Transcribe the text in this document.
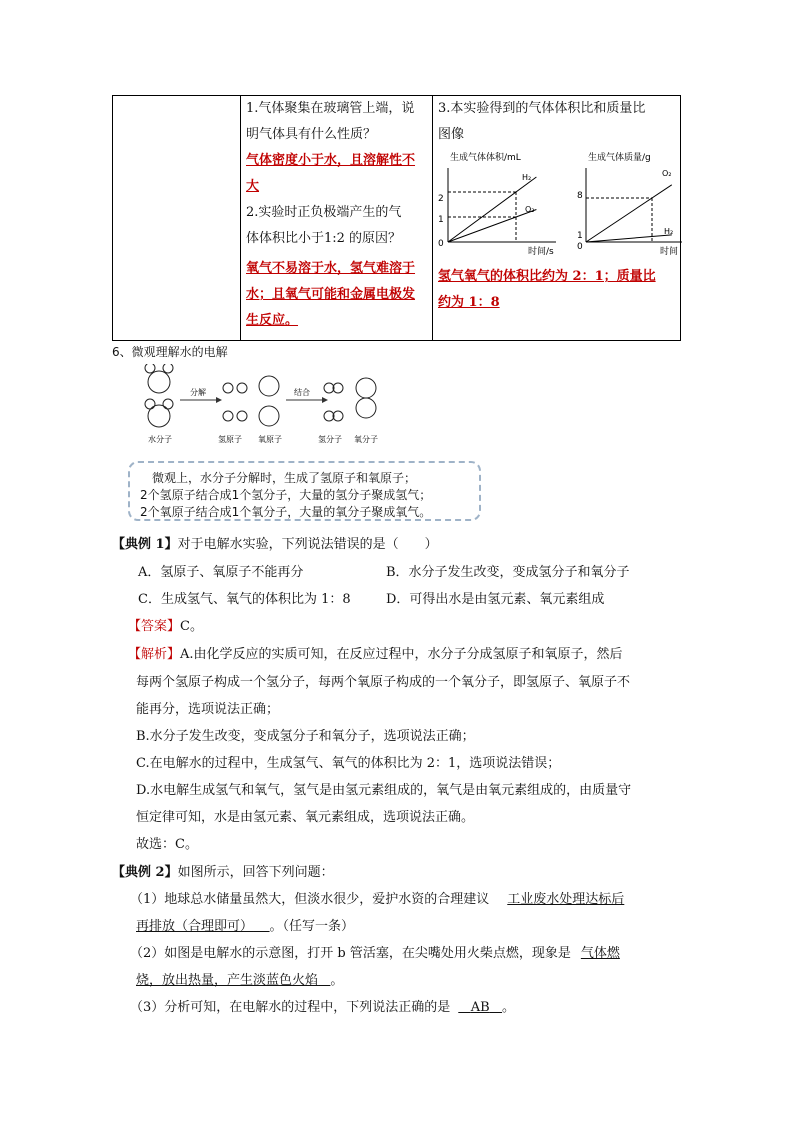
1.气体聚集在玻璃管上端，说
明气体具有什么性质？
气体密度小于水，且溶解性不
大
2.实验时正负极端产生的气
体体积比小于1:2 的原因？
氧气不易溶于水，氢气难溶于
水；且氧气可能和金属电极发
生反应。
3.本实验得到的气体体积比和质量比
图像
氢气氧气的体积比约为 2：1；质量比
约为 1：8
生成气体体积/mL
2
1
0
H₂
O₂
时间/s
生成气体质量/g
8
1
0
O₂
H₂
时间
6、微观理解水的电解
分解	结合
水分子	氢原子 氧原子	氢分子 氧分子
微观上，水分子分解时，生成了氢原子和氧原子；
2个氢原子结合成1个氢分子，大量的氢分子聚成氢气；
2个氧原子结合成1个氧分子，大量的氧分子聚成氧气。
【典例 1】对于电解水实验，下列说法错误的是（　　）
A．氢原子、氧原子不能再分	B．水分子发生改变，变成氢分子和氧分子
C．生成氢气、氧气的体积比为 1：8	D．可得出水是由氢元素、氧元素组成
【答案】C。
【解析】A.由化学反应的实质可知，在反应过程中，水分子分成氢原子和氧原子，然后
每两个氢原子构成一个氢分子，每两个氧原子构成的一个氧分子，即氢原子、氧原子不
能再分，选项说法正确；
B.水分子发生改变，变成氢分子和氧分子，选项说法正确；
C.在电解水的过程中，生成氢气、氧气的体积比为 2：1，选项说法错误；
D.水电解生成氢气和氧气，氢气是由氢元素组成的，氧气是由氧元素组成的，由质量守
恒定律可知，水是由氢元素、氧元素组成，选项说法正确。
故选：C。
【典例 2】如图所示，回答下列问题：
（1）地球总水储量虽然大，但淡水很少，爱护水资的合理建议 工业废水处理达标后
再排放（合理即可） 。（任写一条）
（2）如图是电解水的示意图，打开 b 管活塞，在尖嘴处用火柴点燃，现象是 气体燃
烧，放出热量，产生淡蓝色火焰 。
（3）分析可知，在电解水的过程中，下列说法正确的是 AB 。
